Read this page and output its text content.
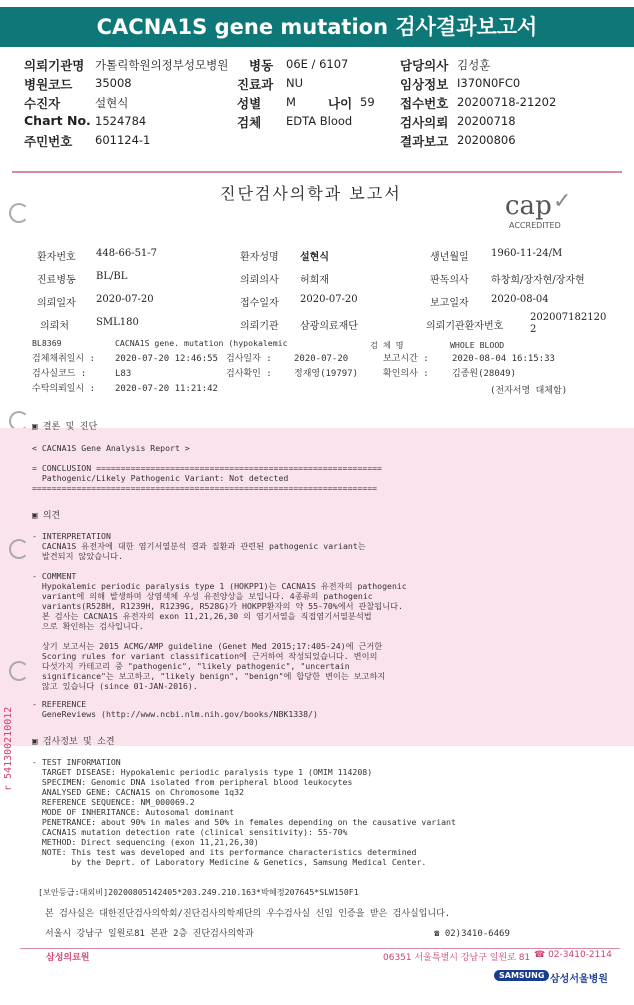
CACNA1S gene mutation 검사결과보고서
의뢰기관명 가톨릭학원의정부성모병원 병동 06E / 6107	담당의사 김성훈
병원코드 35008	진료과 NU	임상정보 I370N0FC0
수진자	설현식	성별 M	나이 59 접수번호 20200718-21202
Chart No. 1524784	검체 EDTA Blood	검사의뢰 20200718
주민번호 601124-1	결과보고 20200806
진단검사의학과 보고서	cap ✓
ACCREDITED
환자번호 448-66-51-7	환자성명 설현식	생년월일 1960-11-24/M
진료병동 BL/BL	의뢰의사 허희재	판독의사 하창희/장자현/장자현
의뢰일자 2020-07-20	접수일자 2020-07-20	보고일자 2020-08-04
의뢰처	SML180	의뢰기관 삼광의료재단	의뢰기관환자번호
202007182120
2
BL8369	CACNA1S gene. mutation (hypokalemic	검 체 명	WHOLE BLOOD
검체채취일시 : 2020-07-20 12:46:55 검사일자 : 2020-07-20	보고시간 :	2020-08-04 16:15:33
검사실코드 :	L83	검사확인 : 정재영(19797)	확인의사 :	김종원(28049)
수탁의뢰일시 : 2020-07-20 11:21:42	(전자서명 대체함)
▣ 결론 및 진단
< CACNA1S Gene Analysis Report >
= CONCLUSION ==========================================================
Pathogenic/Likely Pathogenic Variant: Not detected
======================================================================
▣ 의견
- INTERPRETATION
CACNA1S 유전자에 대한 염기서열분석 결과 질환과 관련된 pathogenic variant는
발견되지 않았습니다.
- COMMENT
Hypokalemic periodic paralysis type 1 (HOKPP1)는 CACNA1S 유전자의 pathogenic
variant에 의해 발생하며 상염색체 우성 유전양상을 보입니다. 4종류의 pathogenic
variants(R528H, R1239H, R1239G, R528G)가 HOKPP환자의 약 55-70%에서 관찰됩니다.
본 검사는 CACNA1S 유전자의 exon 11,21,26,30 의 염기서열을 직접염기서열분석법
으로 확인하는 검사입니다.
상기 보고서는 2015 ACMG/AMP guideline (Genet Med 2015;17:405-24)에 근거한
Scoring rules for variant classification에 근거하여 작성되었습니다. 변이의
다섯가지 카테고리 중 "pathogenic", "likely pathogenic", "uncertain
significance"는 보고하고, "likely benign", "benign"에 합당한 변이는 보고하지
않고 있습니다 (since 01-JAN-2016).
- REFERENCE
GeneReviews (http://www.ncbi.nlm.nih.gov/books/NBK1338/)
▣ 검사정보 및 소견
- TEST INFORMATION
TARGET DISEASE: Hypokalemic periodic paralysis type 1 (OMIM 114208)
SPECIMEN: Genomic DNA isolated from peripheral blood leukocytes
ANALYSED GENE: CACNA1S on Chromosome 1q32
REFERENCE SEQUENCE: NM_000069.2
MODE OF INHERITANCE: Autosomal dominant
PENETRANCE: about 90% in males and 50% in females depending on the causative variant
CACNA1S mutation detection rate (clinical sensitivity): 55-70%
METHOD: Direct sequencing (exon 11,21,26,30)
NOTE: This test was developed and its performance characteristics determined
by the Deprt. of Laboratory Medicine & Genetics, Samsung Medical Center.
r 541300210012
[보안등급:대외비]20200805142405*203.249.210.163*박혜정207645*SLW150F1
본 검사실은 대한진단검사의학회/진단검사의학재단의 우수검사실 신임 인증을 받은 검사실입니다.
서울시 강남구 일원로81 본관 2층 진단검사의학과	☎ 02)3410-6469
삼성의료원	06351 서울특별시 강남구 일원로 81 ☎ 02-3410-2114
SAMSUNG 삼성서울병원
